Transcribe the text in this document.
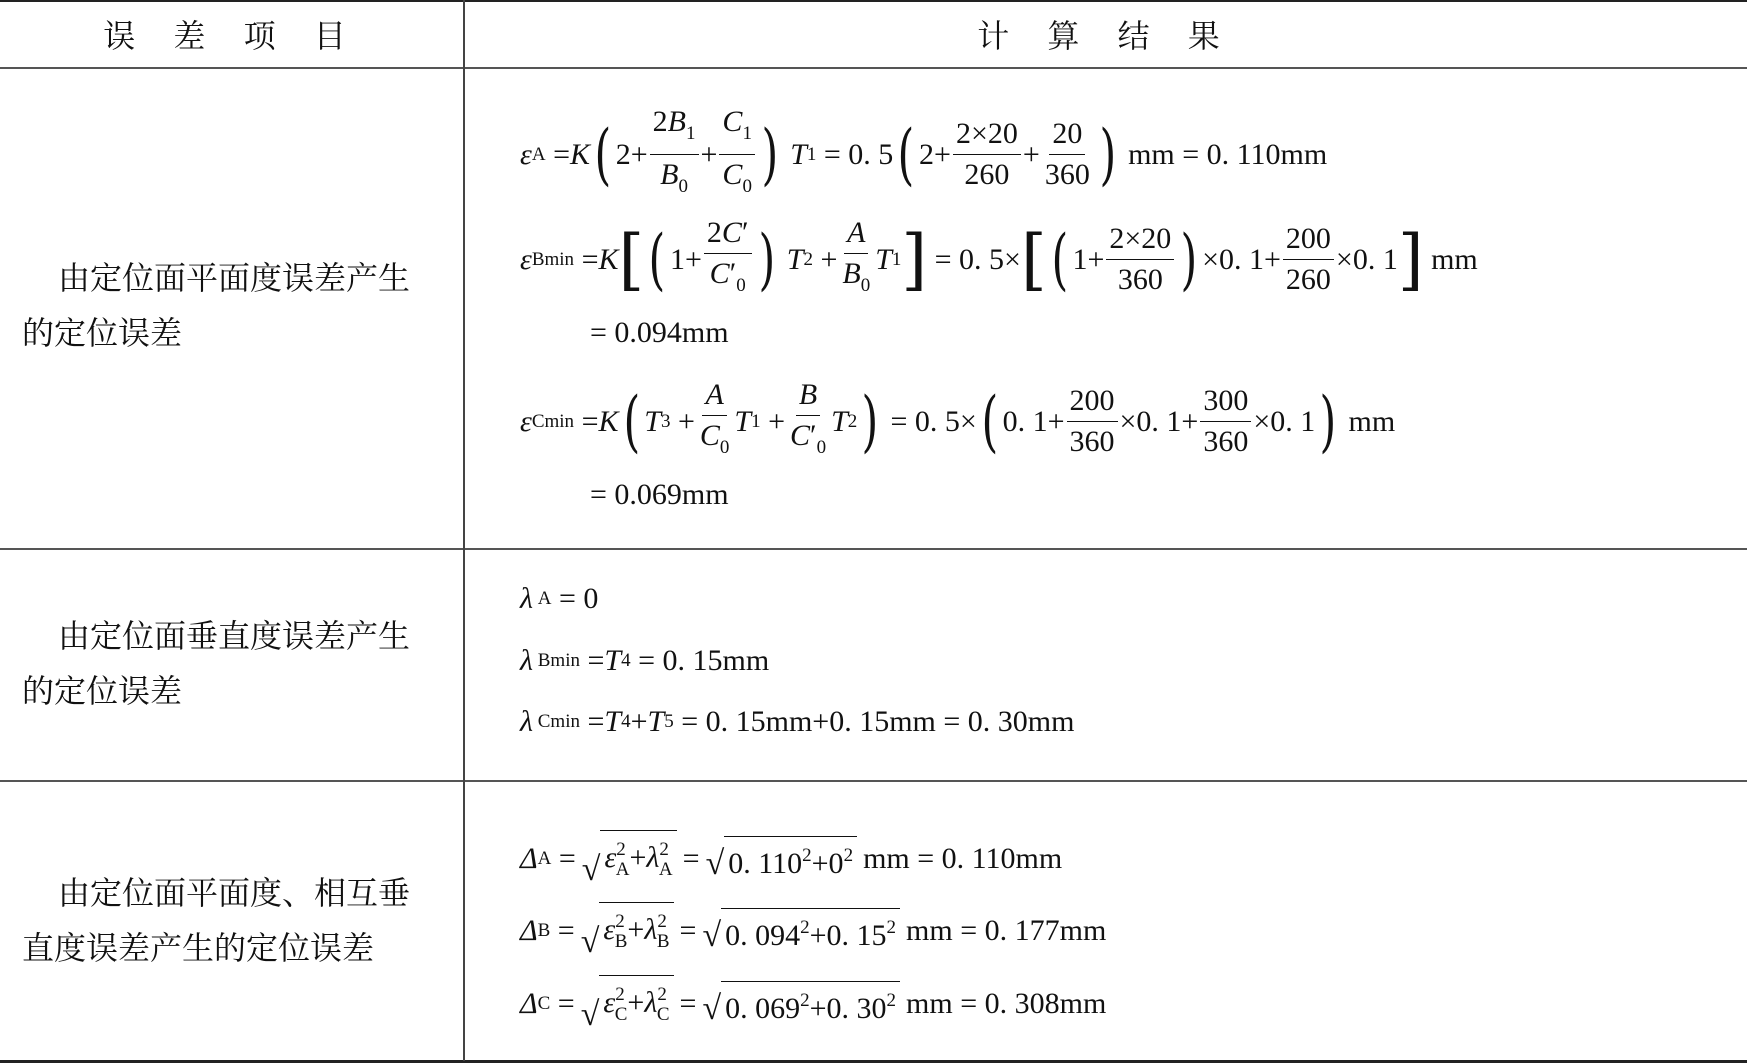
误 差 项 目	计 算 结 果
由定位面平面度误差产生
的定位误差
由定位面垂直度误差产生
的定位误差
由定位面平面度、相互垂
直度误差产生的定位误差
ε A = K ( $2+ \frac{2B_1}{B_0} + \frac{C_1}{C_0}$ )
T 1 = 0. 5 ( $2+ \frac{2\times 20}{260} + \frac{20}{360}$ ) mm = 0. 110mm
ε Bmin = K [ ( $1+ \frac{2C'}{C'_0}$ )
T $2 + \frac{A}{B_0}$ T 1 ] = 0. 5× [ ( $1+ \frac{2\times 20}{360}$ ) ×0. $1+ \frac{200}{260} \times 0$. 1 ] mm
= 0.094mm
ε Cmin = K ( T $3 + \frac{A}{C_0}$ T $1 + \frac{B}{C'_0}$ T 2 ) = 0. 5× ( 0. $1+ \frac{200}{360} \times 0$. $1+ \frac{300}{360} \times 0$. 1 ) mm
= 0.069mm
λ A = 0
λ Bmin = T 4 = 0. 15mm
λ Cmin = T 4 + T 5 = 0. 15mm+0. 15mm = 0. 30mm
Δ A = √ $\varepsilon^2_A+\lambda^2_A$ = √ 0. $110^2+0^2$ mm = 0. 110mm
Δ B = √ $\varepsilon^2_B+\lambda^2_B$ = √ 0. $094^2+0$. $15^2$ mm = 0. 177mm
Δ C = √ $\varepsilon^2_C+\lambda^2_C$ = √ 0. $069^2+0$. $30^2$ mm = 0. 308mm
